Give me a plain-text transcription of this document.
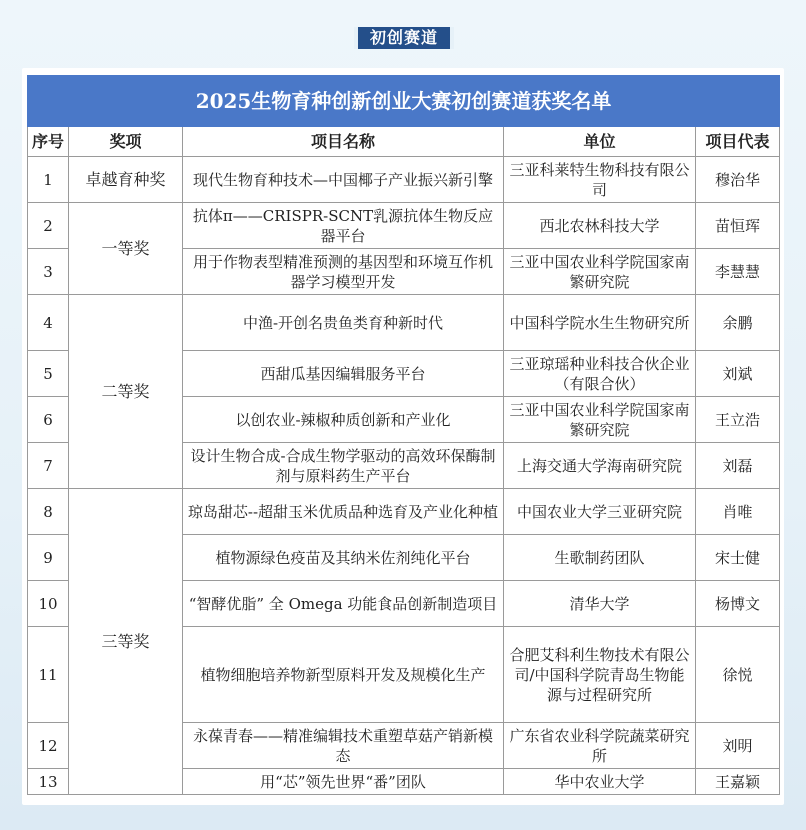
初创赛道
2025生物育种创新创业大赛初创赛道获奖名单				
序号	奖项	项目名称	单位	项目代表
1	卓越育种奖	现代生物育种技术—中国椰子产业振兴新引擎	三亚科莱特生物科技有限公司	穆治华
2	一等奖	抗体π——CRISPR-SCNT乳源抗体生物反应器平台	西北农林科技大学	苗恒珲
3		用于作物表型精准预测的基因型和环境互作机器学习模型开发	三亚中国农业科学院国家南繁研究院	李慧慧
4	二等奖	中渔-开创名贵鱼类育种新时代	中国科学院水生生物研究所	余鹏
5		西甜瓜基因编辑服务平台	三亚琼瑶种业科技合伙企业（有限合伙）	刘斌
6		以创农业-辣椒种质创新和产业化	三亚中国农业科学院国家南繁研究院	王立浩
7		设计生物合成-合成生物学驱动的高效环保酶制剂与原料药生产平台	上海交通大学海南研究院	刘磊
8	三等奖	琼岛甜芯--超甜玉米优质品种选育及产业化种植	中国农业大学三亚研究院	肖唯
9		植物源绿色疫苗及其纳米佐剂纯化平台	生歌制药团队	宋士健
10		“智酵优脂” 全 Omega 功能食品创新制造项目	清华大学	杨博文
11		植物细胞培养物新型原料开发及规模化生产	合肥艾科利生物技术有限公司/中国科学院青岛生物能源与过程研究所	徐悦
12		永葆青春——精准编辑技术重塑草菇产销新模态	广东省农业科学院蔬菜研究所	刘明
13		用“芯”领先世界“番”团队	华中农业大学	王嘉颖
